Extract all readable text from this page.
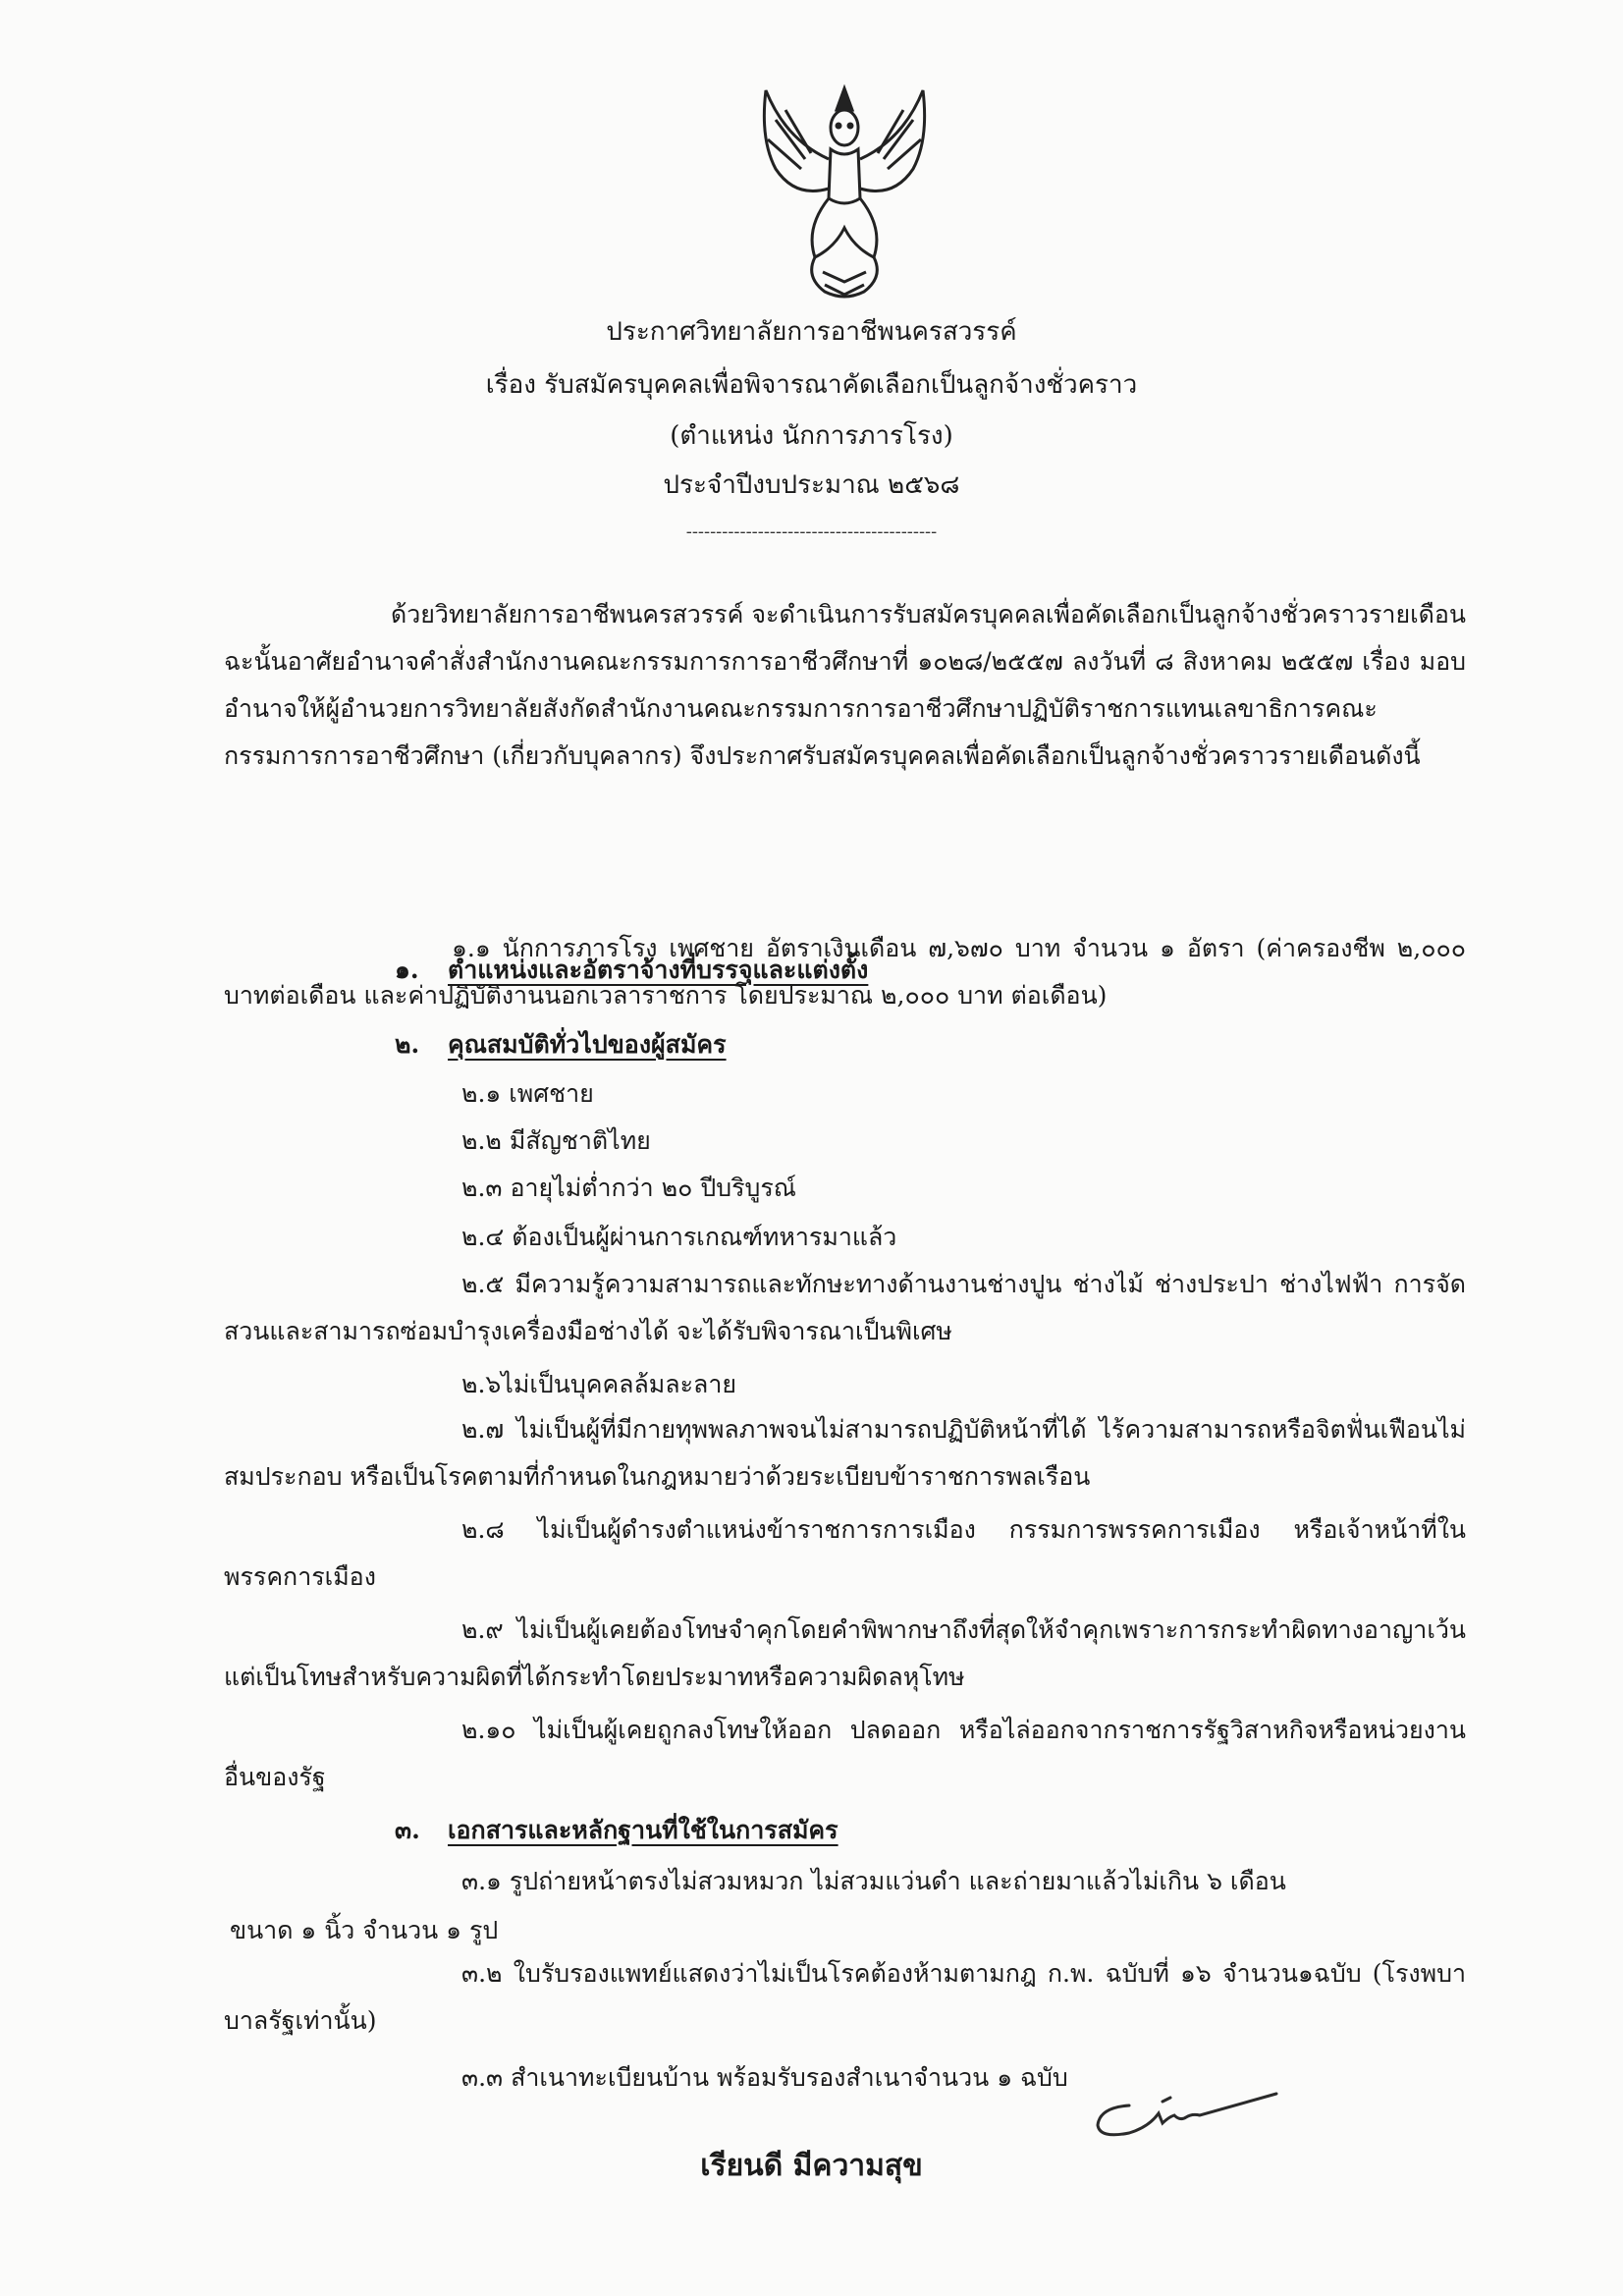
ประกาศวิทยาลัยการอาชีพนครสวรรค์
เรื่อง รับสมัครบุคคลเพื่อพิจารณาคัดเลือกเป็นลูกจ้างชั่วคราว
(ตำแหน่ง นักการภารโรง)
ประจำปีงบประมาณ ๒๕๖๘
------------------------------------------

ด้วยวิทยาลัยการอาชีพนครสวรรค์ จะดำเนินการรับสมัครบุคคลเพื่อคัดเลือกเป็นลูกจ้างชั่วคราวรายเดือน ฉะนั้นอาศัยอำนาจคำสั่งสำนักงานคณะกรรมการการอาชีวศึกษาที่ ๑๐๒๘/๒๕๕๗ ลงวันที่ ๘ สิงหาคม ๒๕๕๗ เรื่อง มอบอำนาจให้ผู้อำนวยการวิทยาลัยสังกัดสำนักงานคณะกรรมการการอาชีวศึกษาปฏิบัติราชการแทนเลขาธิการคณะกรรมการการอาชีวศึกษา (เกี่ยวกับบุคลากร) จึงประกาศรับสมัครบุคคลเพื่อคัดเลือกเป็นลูกจ้างชั่วคราวรายเดือนดังนี้

๑. ตำแหน่งและอัตราจ้างที่บรรจุและแต่งตั้ง

๑.๑ นักการภารโรง เพศชาย อัตราเงินเดือน ๗,๖๗๐ บาท จำนวน ๑ อัตรา (ค่าครองชีพ ๒,๐๐๐ บาทต่อเดือน และค่าปฏิบัติงานนอกเวลาราชการ โดยประมาณ ๒,๐๐๐ บาท ต่อเดือน)

๒. คุณสมบัติทั่วไปของผู้สมัคร
๒.๑ เพศชาย
๒.๒ มีสัญชาติไทย
๒.๓ อายุไม่ต่ำกว่า ๒๐ ปีบริบูรณ์
๒.๔ ต้องเป็นผู้ผ่านการเกณฑ์ทหารมาแล้ว

๒.๕ มีความรู้ความสามารถและทักษะทางด้านงานช่างปูน ช่างไม้ ช่างประปา ช่างไฟฟ้า การจัดสวนและสามารถซ่อมบำรุงเครื่องมือช่างได้ จะได้รับพิจารณาเป็นพิเศษ

๒.๖ไม่เป็นบุคคลล้มละลาย

๒.๗ ไม่เป็นผู้ที่มีกายทุพพลภาพจนไม่สามารถปฏิบัติหน้าที่ได้ ไร้ความสามารถหรือจิตฟั่นเฟือนไม่สมประกอบ หรือเป็นโรคตามที่กำหนดในกฎหมายว่าด้วยระเบียบข้าราชการพลเรือน

๒.๘ ไม่เป็นผู้ดำรงตำแหน่งข้าราชการการเมือง กรรมการพรรคการเมือง หรือเจ้าหน้าที่ในพรรคการเมือง

๒.๙ ไม่เป็นผู้เคยต้องโทษจำคุกโดยคำพิพากษาถึงที่สุดให้จำคุกเพราะการกระทำผิดทางอาญาเว้นแต่เป็นโทษสำหรับความผิดที่ได้กระทำโดยประมาทหรือความผิดลหุโทษ

๒.๑๐ ไม่เป็นผู้เคยถูกลงโทษให้ออก ปลดออก หรือไล่ออกจากราชการรัฐวิสาหกิจหรือหน่วยงานอื่นของรัฐ

๓. เอกสารและหลักฐานที่ใช้ในการสมัคร
๓.๑ รูปถ่ายหน้าตรงไม่สวมหมวก ไม่สวมแว่นดำ และถ่ายมาแล้วไม่เกิน ๖ เดือน
ขนาด ๑ นิ้ว จำนวน ๑ รูป

๓.๒ ใบรับรองแพทย์แสดงว่าไม่เป็นโรคต้องห้ามตามกฎ ก.พ. ฉบับที่ ๑๖ จำนวน๑ฉบับ (โรงพบาบาลรัฐเท่านั้น)

๓.๓ สำเนาทะเบียนบ้าน พร้อมรับรองสำเนาจำนวน ๑ ฉบับ
เรียนดี มีความสุข
